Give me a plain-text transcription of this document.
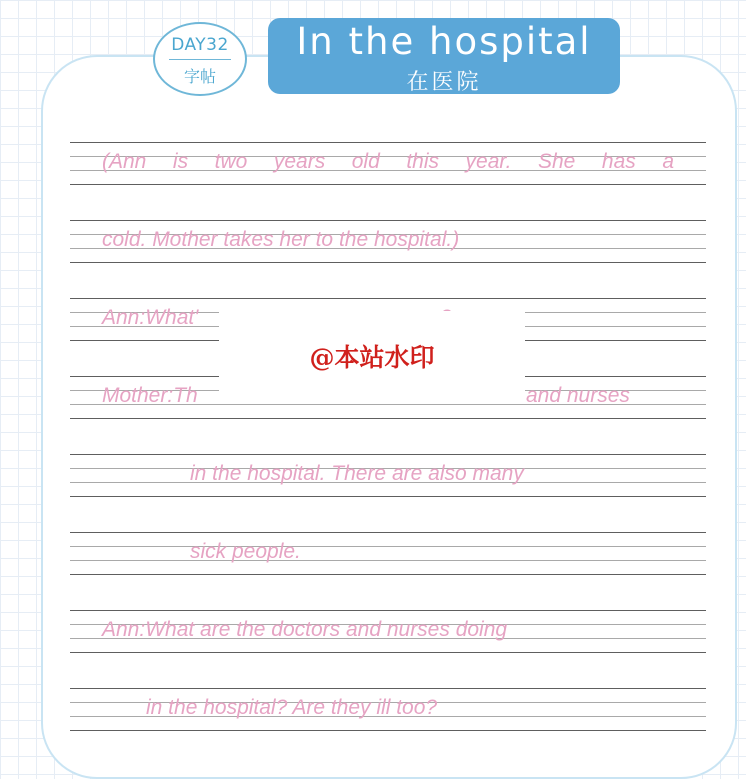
DAY32
字帖
In the hospital
在医院
(Ann is two years old this year. She has a
cold. Mother takes her to the hospital.)
Ann:What'
Mother:Th	and nurses
in the hospital. There are also many
sick people.
Ann:What are the doctors and nurses doing
in the hospital? Are they ill too?
@本站水印
